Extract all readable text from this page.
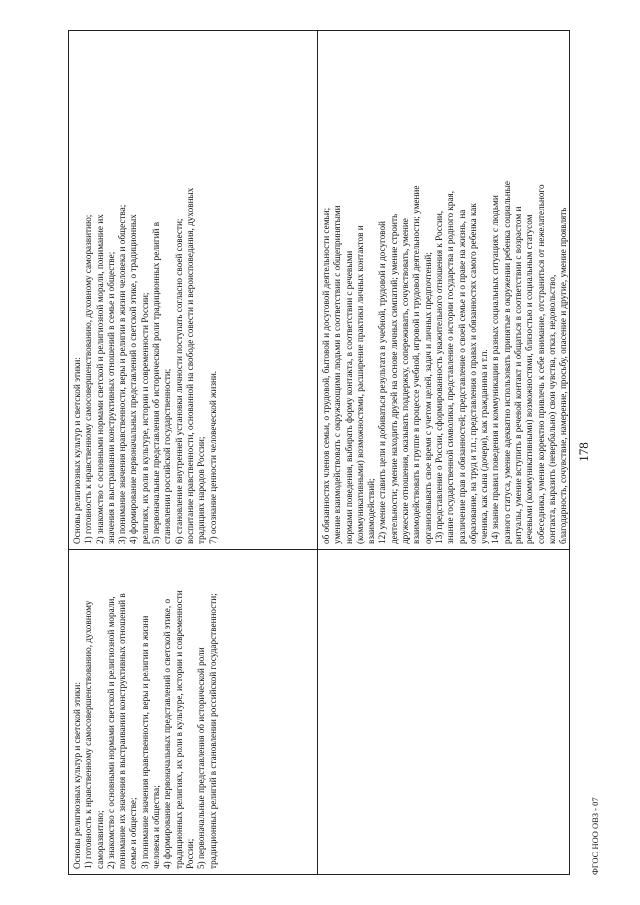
178
Основы религиозных культур и светской этики: 1) готовность к нравственному самосовершенствованию, духовному саморазвитию; 2) знакомство с основными нормами светской и религиозной морали, понимание их значения в выстраивании конструктивных отношений в семье и обществе; 3) понимание значения нравственности, веры и религии в жизни человека и общества; 4) формирование первоначальных представлений о светской этике, о традиционных религиях, их роли в культуре, истории и современности России; 5) первоначальные представления об исторической роли традиционных религий в становлении российской государственности;
Основы религиозных культур и светской этики: 1) готовность к нравственному самосовершенствованию, духовному саморазвитию; 2) знакомство с основными нормами светской и религиозной морали, понимание их значения в выстраивании конструктивных отношений в семье и обществе; 3) понимание значения нравственности, веры и религии в жизни человека и общества; 4) формирование первоначальных представлений о светской этике, о традиционных религиях, их роли в культуре, истории и современности России; 5) первоначальные представления об исторической роли традиционных религий в становлении российской государственности; 6) становление внутренней установки личности поступать согласно своей совести; воспитание нравственности, основанной на свободе совести и вероисповедания, духовных традициях народов России; 7) осознание ценности человеческой жизни.	об обязанностях членов семьи, о трудовой, бытовой и досуговой деятельности семьи; умение взаимодействовать с окружающими людьми в соответствии с общепринятыми нормами поведения, выбирать форму контакта, в соответствии с речевыми (коммуникативными) возможностями, расширение практики личных контактов и взаимодействий; 12) умение ставить цели и добиваться результата в учебной, трудовой и досуговой деятельности; умение находить друзей на основе личных симпатий; умение строить дружеские отношения, оказывать поддержку, сопереживать, сочувствовать, умение взаимодействовать в группе в процессе учебной, игровой и трудовой деятельности; умение организовывать свое время с учетом целей, задач и личных предпочтений; 13) представление о России, сформированность уважительного отношения к России, знание государственной символики, представление о истории государства и родного края, различение прав и обязанностей; представление о своей семье и о праве на жизнь, на образование, на труд и т.п.; представления о правах и обязанностях самого ребенка как ученика, как сына (дочери), как гражданина и т.п. 14) знание правил поведения и коммуникации в разных социальных ситуациях с людьми разного статуса, умение адекватно использовать принятые в окружении ребенка социальные ритуалы, умение вступить в речевой контакт и общаться в соответствии с возрастом и речевыми (коммуникативными) возможностями, близостью и социальным статусом собеседника, умение корректно привлечь к себе внимание, отстраниться от нежелательного контакта, выразить (невербально) свои чувства, отказ, недовольство, благодарность, сочувствие, намерение, просьбу, опасение и другие, умение проявлять
ФГОС НОО ОВЗ - 07
